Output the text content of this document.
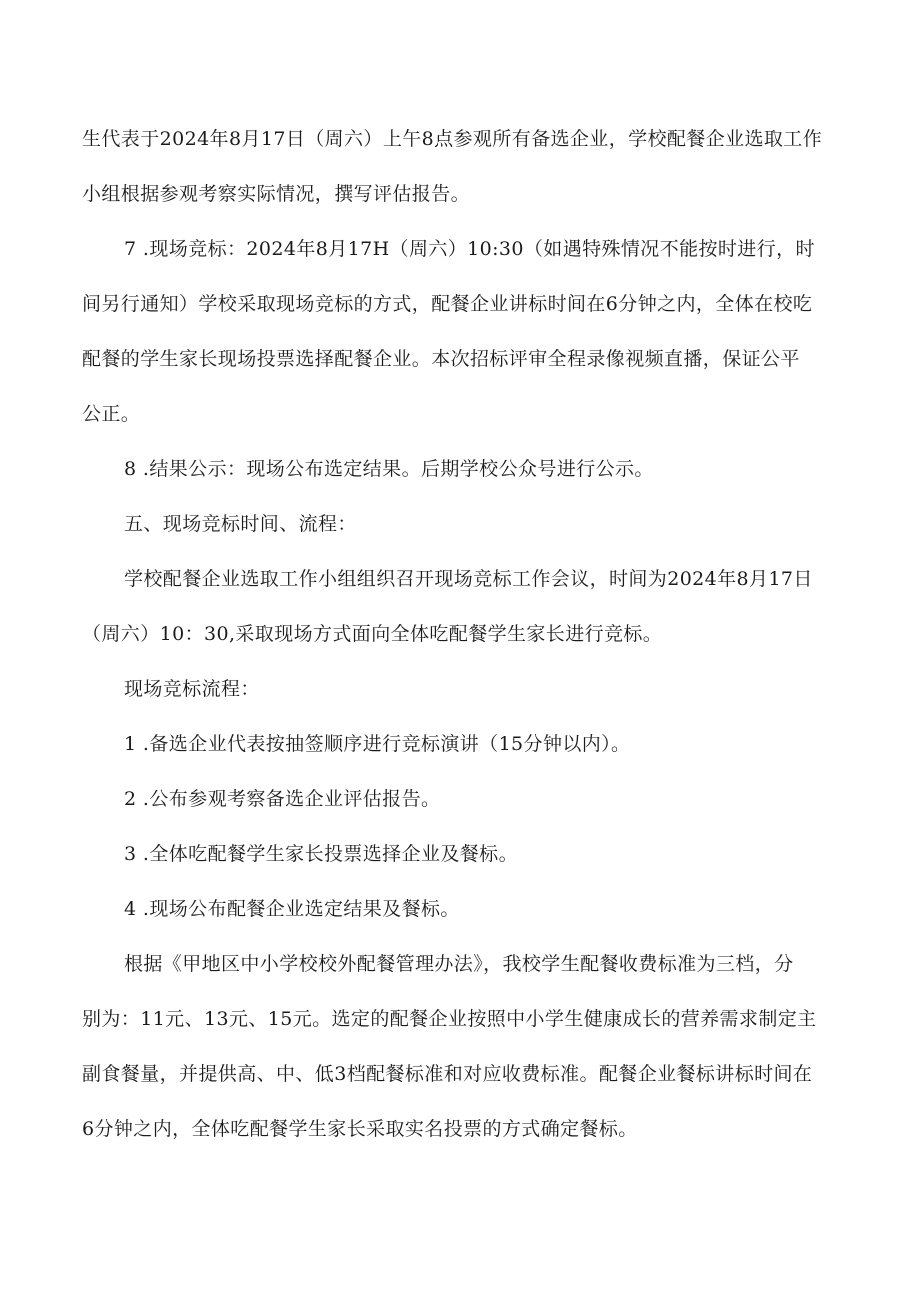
生代表于2024年8月17日（周六）上午8点参观所有备选企业，学校配餐企业选取工作
小组根据参观考察实际情况，撰写评估报告。
7 .现场竞标：2024年8月17H（周六）10:30（如遇特殊情况不能按时进行，时
间另行通知）学校采取现场竞标的方式，配餐企业讲标时间在6分钟之内，全体在校吃
配餐的学生家长现场投票选择配餐企业。本次招标评审全程录像视频直播，保证公平
公正。
8 .结果公示：现场公布选定结果。后期学校公众号进行公示。
五、现场竞标时间、流程：
学校配餐企业选取工作小组组织召开现场竞标工作会议，时间为2024年8月17日
（周六）10：30,采取现场方式面向全体吃配餐学生家长进行竞标。
现场竞标流程：
1 .备选企业代表按抽签顺序进行竞标演讲（15分钟以内）。
2 .公布参观考察备选企业评估报告。
3 .全体吃配餐学生家长投票选择企业及餐标。
4 .现场公布配餐企业选定结果及餐标。
根据《甲地区中小学校校外配餐管理办法》，我校学生配餐收费标准为三档，分
别为：11元、13元、15元。选定的配餐企业按照中小学生健康成长的营养需求制定主
副食餐量，并提供高、中、低3档配餐标准和对应收费标准。配餐企业餐标讲标时间在
6分钟之内，全体吃配餐学生家长采取实名投票的方式确定餐标。
